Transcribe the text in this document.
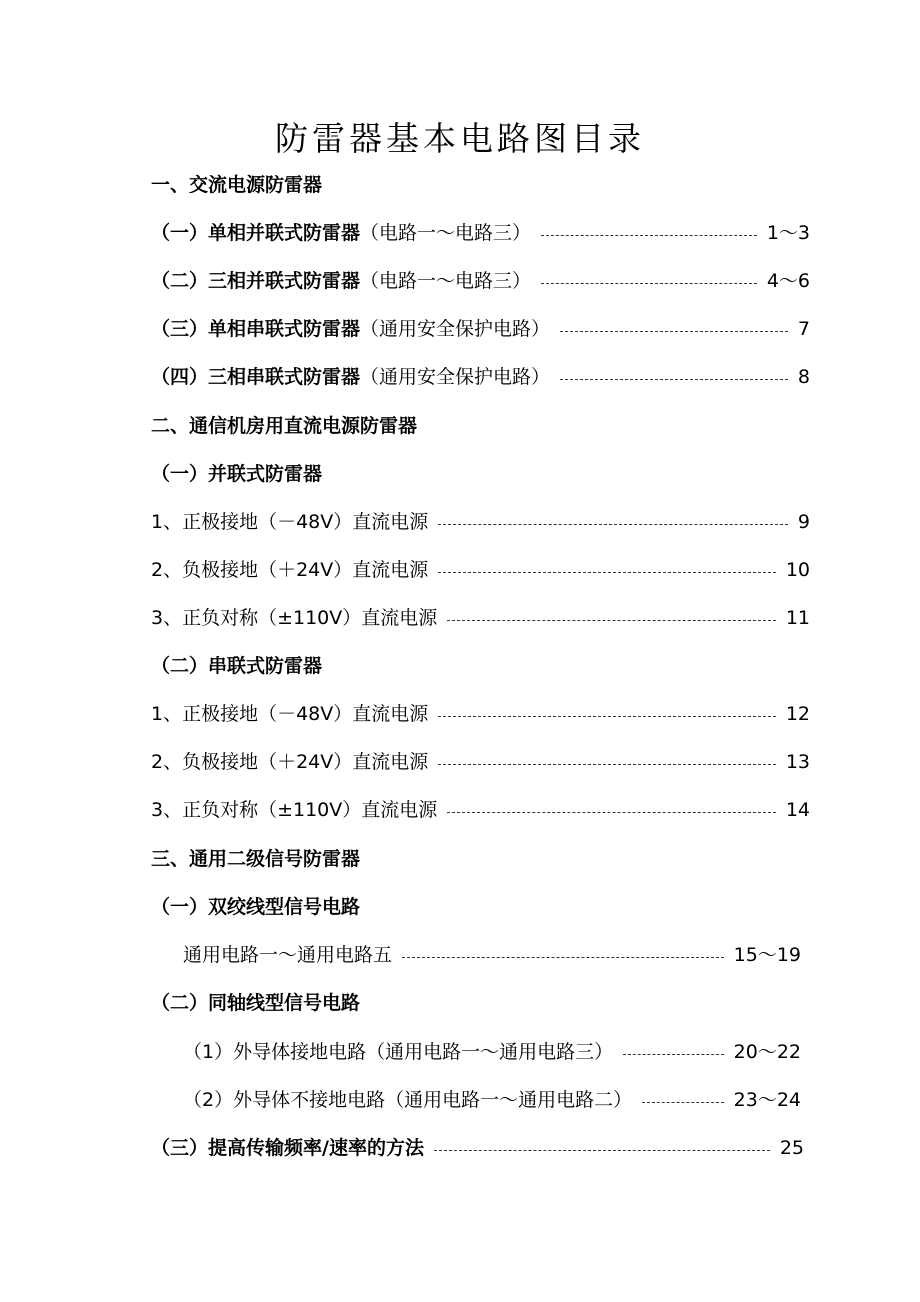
防雷器基本电路图目录
一、交流电源防雷器
（一）单相并联式防雷器（电路一～电路三）	1～3
（二）三相并联式防雷器（电路一～电路三）	4～6
（三）单相串联式防雷器（通用安全保护电路）	7
（四）三相串联式防雷器（通用安全保护电路）	8
二、通信机房用直流电源防雷器
（一）并联式防雷器
1、正极接地（－48V）直流电源	9
2、负极接地（＋24V）直流电源	10
3、正负对称（±110V）直流电源	11
（二）串联式防雷器
1、正极接地（－48V）直流电源	12
2、负极接地（＋24V）直流电源	13
3、正负对称（±110V）直流电源	14
三、通用二级信号防雷器
（一）双绞线型信号电路
通用电路一～通用电路五	15～19
（二）同轴线型信号电路
（1）外导体接地电路（通用电路一～通用电路三）	20～22
（2）外导体不接地电路（通用电路一～通用电路二）	23～24
（三）提高传输频率/速率的方法	25
